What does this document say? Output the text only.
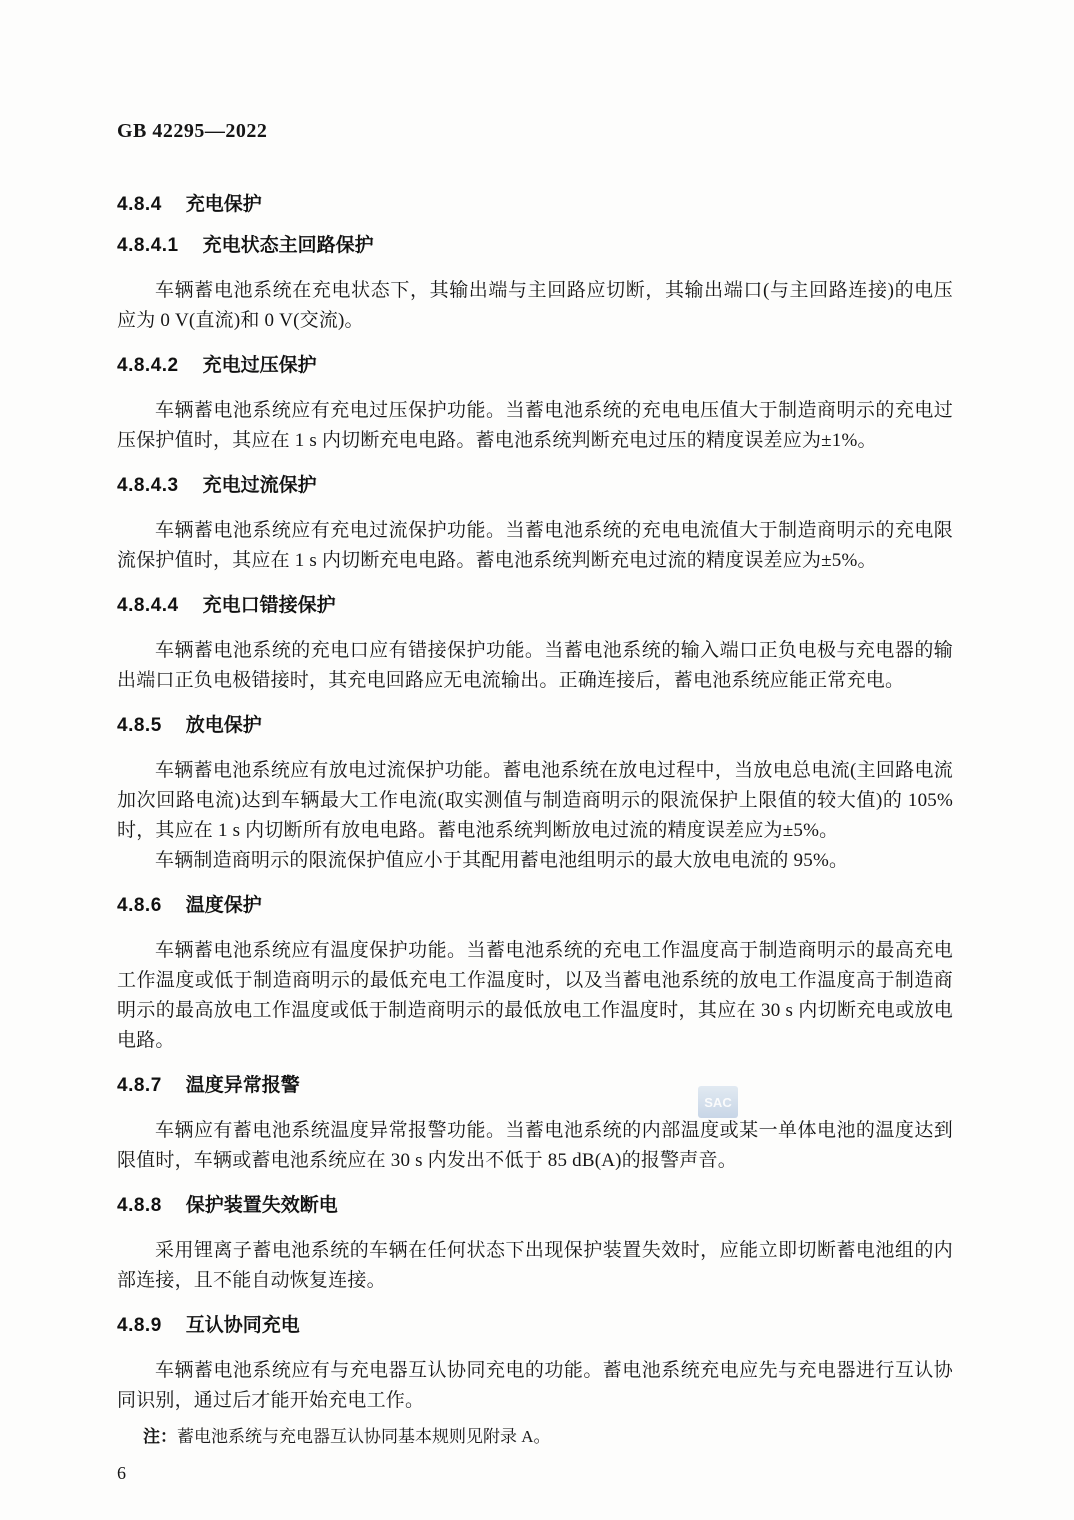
GB 42295—2022
4.8.4 充电保护
4.8.4.1 充电状态主回路保护

车辆蓄电池系统在充电状态下，其输出端与主回路应切断，其输出端口(与主回路连接)的电压应为 0 V(直流)和 0 V(交流)。

4.8.4.2 充电过压保护

车辆蓄电池系统应有充电过压保护功能。当蓄电池系统的充电电压值大于制造商明示的充电过压保护值时，其应在 1 s 内切断充电电路。蓄电池系统判断充电过压的精度误差应为±1%。

4.8.4.3 充电过流保护

车辆蓄电池系统应有充电过流保护功能。当蓄电池系统的充电电流值大于制造商明示的充电限流保护值时，其应在 1 s 内切断充电电路。蓄电池系统判断充电过流的精度误差应为±5%。

4.8.4.4 充电口错接保护

车辆蓄电池系统的充电口应有错接保护功能。当蓄电池系统的输入端口正负电极与充电器的输出端口正负电极错接时，其充电回路应无电流输出。正确连接后，蓄电池系统应能正常充电。

4.8.5 放电保护

车辆蓄电池系统应有放电过流保护功能。蓄电池系统在放电过程中，当放电总电流(主回路电流加次回路电流)达到车辆最大工作电流(取实测值与制造商明示的限流保护上限值的较大值)的 105%时，其应在 1 s 内切断所有放电电路。蓄电池系统判断放电过流的精度误差应为±5%。

车辆制造商明示的限流保护值应小于其配用蓄电池组明示的最大放电电流的 95%。

4.8.6 温度保护

车辆蓄电池系统应有温度保护功能。当蓄电池系统的充电工作温度高于制造商明示的最高充电工作温度或低于制造商明示的最低充电工作温度时，以及当蓄电池系统的放电工作温度高于制造商明示的最高放电工作温度或低于制造商明示的最低放电工作温度时，其应在 30 s 内切断充电或放电电路。

4.8.7 温度异常报警

车辆应有蓄电池系统温度异常报警功能。当蓄电池系统的内部温度或某一单体电池的温度达到限值时，车辆或蓄电池系统应在 30 s 内发出不低于 85 dB(A)的报警声音。

4.8.8 保护装置失效断电

采用锂离子蓄电池系统的车辆在任何状态下出现保护装置失效时，应能立即切断蓄电池组的内部连接，且不能自动恢复连接。

4.8.9 互认协同充电

车辆蓄电池系统应有与充电器互认协同充电的功能。蓄电池系统充电应先与充电器进行互认协同识别，通过后才能开始充电工作。

注：蓄电池系统与充电器互认协同基本规则见附录 A。

6
SAC
